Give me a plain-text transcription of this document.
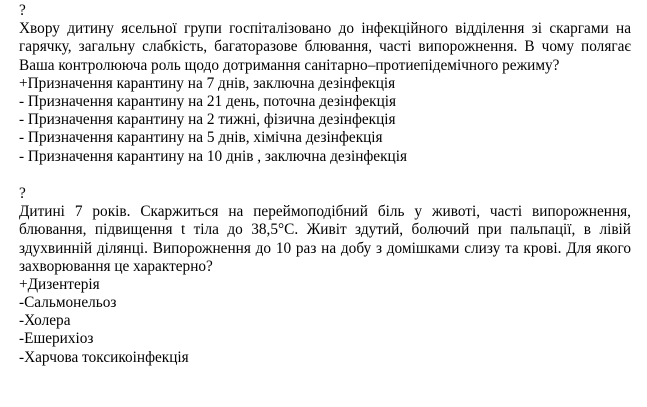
?
Хвору дитину ясельної групи госпіталізовано до інфекційного відділення зі скаргами на гарячку, загальну слабкість, багаторазове блювання, часті випорожнення. В чому полягає Ваша контролююча роль щодо дотримання санітарно–протиепідемічного режиму?
+Призначення карантину на 7 днів, заключна дезінфекція
- Призначення карантину на 21 день, поточна дезінфекція
- Призначення карантину на 2 тижні, фізична дезінфекція
- Призначення карантину на 5 днів, хімічна дезінфекція
- Призначення карантину на 10 днів , заключна дезінфекція
?
Дитині 7 років. Скаржиться на переймоподібний біль у животі, часті випорожнення, блювання, підвищення t тіла до 38,5°С. Живіт здутий, болючий при пальпації, в лівій здухвинній ділянці. Випорожнення до 10 раз на добу з домішками слизу та крові. Для якого захворювання це характерно?
+Дизентерія
-Сальмонельоз
-Холера
-Ешерихіоз
-Харчова токсикоінфекція
